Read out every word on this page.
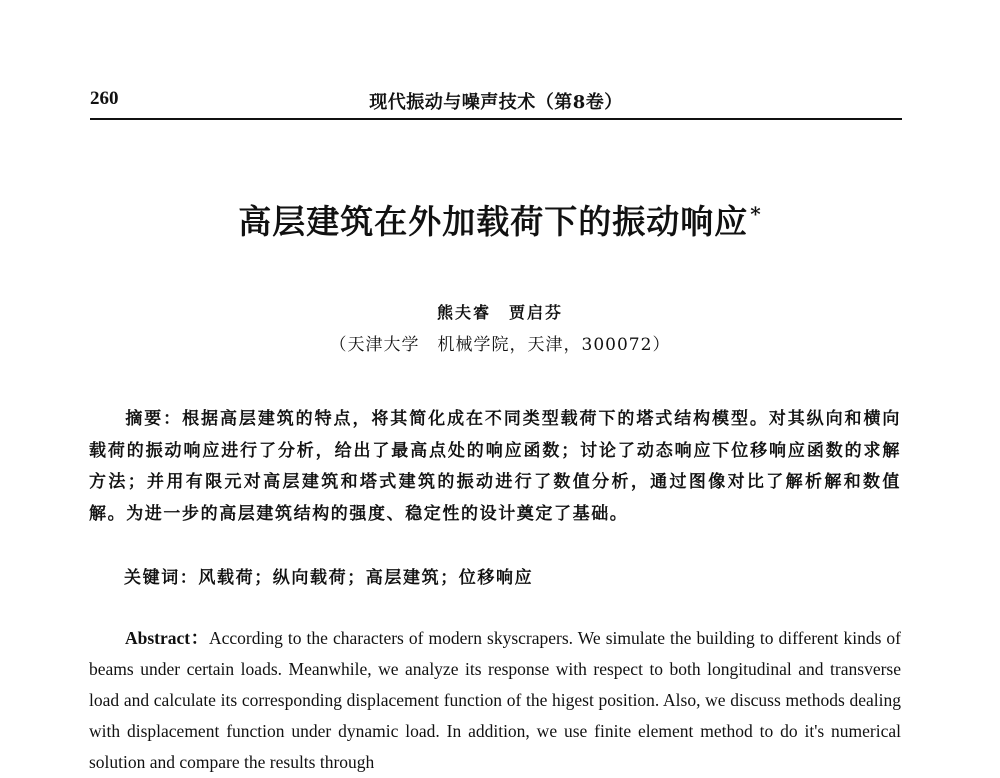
260	现代振动与噪声技术（第8卷）
高层建筑在外加载荷下的振动响应 *
熊夫睿　贾启芬
（天津大学　机械学院，天津，300072）
摘要：根据高层建筑的特点，将其简化成在不同类型载荷下的塔式结构模型。对其纵向和横向载荷的振动响应进行了分析，给出了最高点处的响应函数；讨论了动态响应下位移响应函数的求解方法；并用有限元对高层建筑和塔式建筑的振动进行了数值分析，通过图像对比了解析解和数值解。为进一步的高层建筑结构的强度、稳定性的设计奠定了基础。
关键词：风载荷；纵向载荷；高层建筑；位移响应
Abstract：According to the characters of modern skyscrapers. We simulate the building to different kinds of beams under certain loads. Meanwhile, we analyze its response with respect to both longitudinal and transverse load and calculate its corresponding displacement function of the higest position. Also, we discuss methods dealing with displacement function under dynamic load. In addition, we use finite element method to do it's numerical solution and compare the results through
